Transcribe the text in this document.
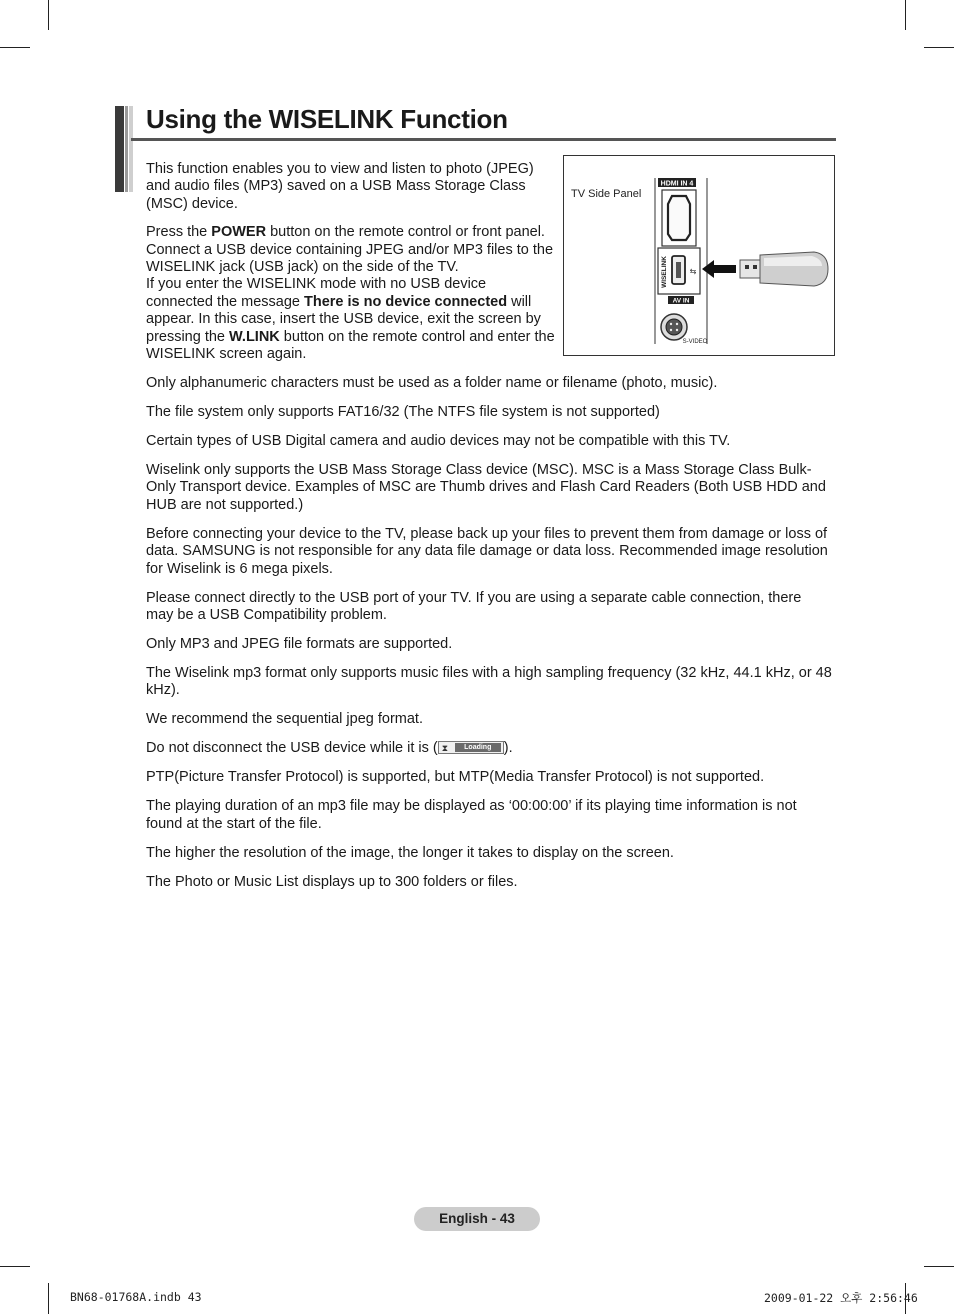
Using the WISELINK Function

This function enables you to view and listen to photo (JPEG) and audio files (MP3) saved on a USB Mass Storage Class (MSC) device.

Press the POWER button on the remote control or front panel.

Connect a USB device containing JPEG and/or MP3 files to the WISELINK jack (USB jack) on the side of the TV.

If you enter the WISELINK mode with no USB device connected the message There is no device connected will appear. In this case, insert the USB device, exit the screen by pressing the W.LINK button on the remote control and enter the WISELINK screen again.

TV Side Panel
HDMI IN 4
WISELINK	⇆
AV IN
S-VIDEO

Only alphanumeric characters must be used as a folder name or filename (photo, music).

The file system only supports FAT16/32 (The NTFS file system is not supported)

Certain types of USB Digital camera and audio devices may not be compatible with this TV.

Wiselink only supports the USB Mass Storage Class device (MSC). MSC is a Mass Storage Class Bulk-Only Transport device. Examples of MSC are Thumb drives and Flash Card Readers (Both USB HDD and HUB are not supported.)

Before connecting your device to the TV, please back up your files to prevent them from damage or loss of data. SAMSUNG is not responsible for any data file damage or data loss. Recommended image resolution for Wiselink is 6 mega pixels.

Please connect directly to the USB port of your TV. If you are using a separate cable connection, there may be a USB Compatibility problem.

Only MP3 and JPEG file formats are supported.

The Wiselink mp3 format only supports music files with a high sampling frequency (32 kHz, 44.1 kHz, or 48 kHz).

We recommend the sequential jpeg format.

Do not disconnect the USB device while it is ( ⧗	Loading ).

PTP(Picture Transfer Protocol) is supported, but MTP(Media Transfer Protocol) is not supported.

The playing duration of an mp3 file may be displayed as ‘00:00:00’ if its playing time information is not found at the start of the file.

The higher the resolution of the image, the longer it takes to display on the screen.

The Photo or Music List displays up to 300 folders or files.

English - 43
BN68-01768A.indb 43	2009-01-22 오후 2:56:46
